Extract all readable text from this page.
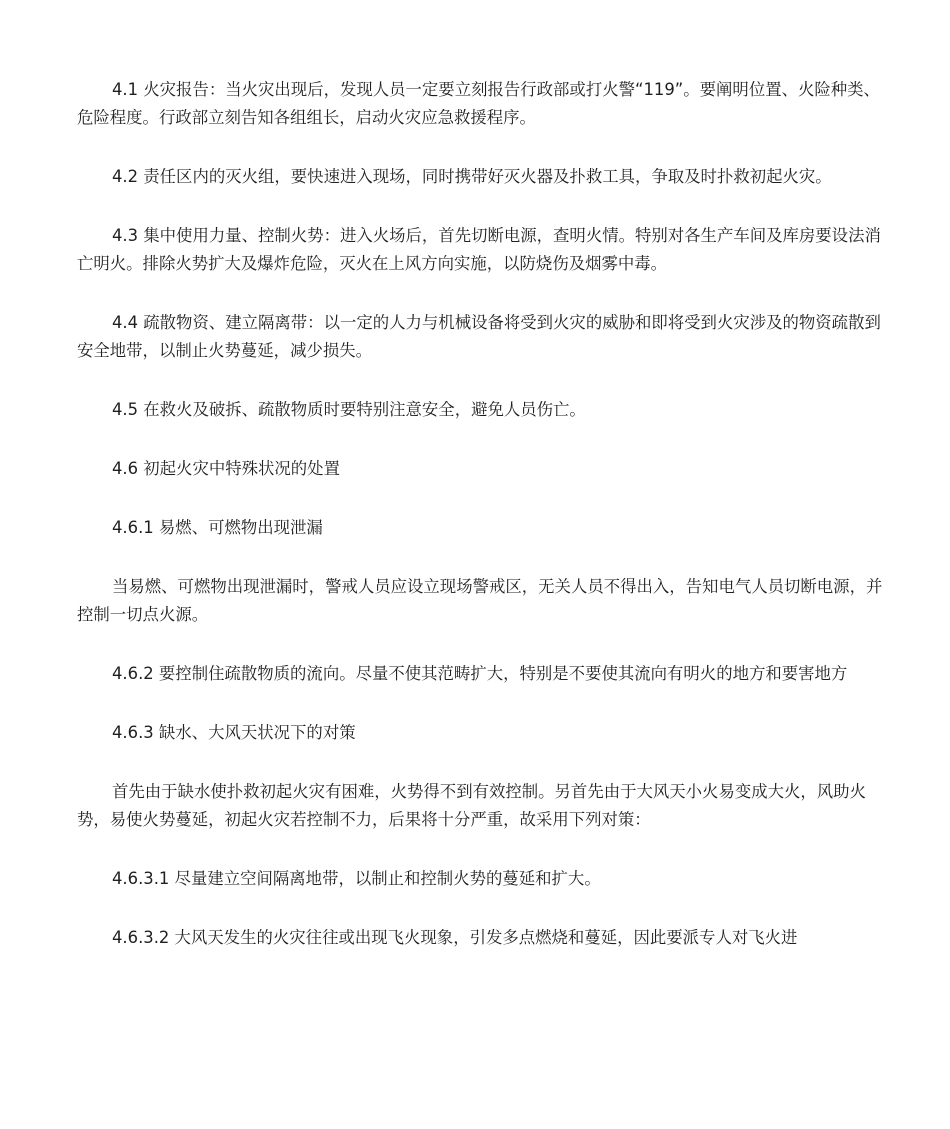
4.1 火灾报告：当火灾出现后，发现人员一定要立刻报告行政部或打火警“119”。要阐明位置、火险种类、危险程度。行政部立刻告知各组组长，启动火灾应急救援程序。

4.2 责任区内的灭火组，要快速进入现场，同时携带好灭火器及扑救工具，争取及时扑救初起火灾。

4.3 集中使用力量、控制火势：进入火场后，首先切断电源，查明火情。特别对各生产车间及库房要设法消亡明火。排除火势扩大及爆炸危险，灭火在上风方向实施，以防烧伤及烟雾中毒。

4.4 疏散物资、建立隔离带：以一定的人力与机械设备将受到火灾的威胁和即将受到火灾涉及的物资疏散到安全地带，以制止火势蔓延，减少损失。

4.5 在救火及破拆、疏散物质时要特别注意安全，避免人员伤亡。

4.6 初起火灾中特殊状况的处置

4.6.1 易燃、可燃物出现泄漏

当易燃、可燃物出现泄漏时，警戒人员应设立现场警戒区，无关人员不得出入，告知电气人员切断电源，并控制一切点火源。

4.6.2 要控制住疏散物质的流向。尽量不使其范畴扩大，特别是不要使其流向有明火的地方和要害地方

4.6.3 缺水、大风天状况下的对策

首先由于缺水使扑救初起火灾有困难，火势得不到有效控制。另首先由于大风天小火易变成大火，风助火势，易使火势蔓延，初起火灾若控制不力，后果将十分严重，故采用下列对策：

4.6.3.1 尽量建立空间隔离地带，以制止和控制火势的蔓延和扩大。

4.6.3.2 大风天发生的火灾往往或出现飞火现象，引发多点燃烧和蔓延，因此要派专人对飞火进
